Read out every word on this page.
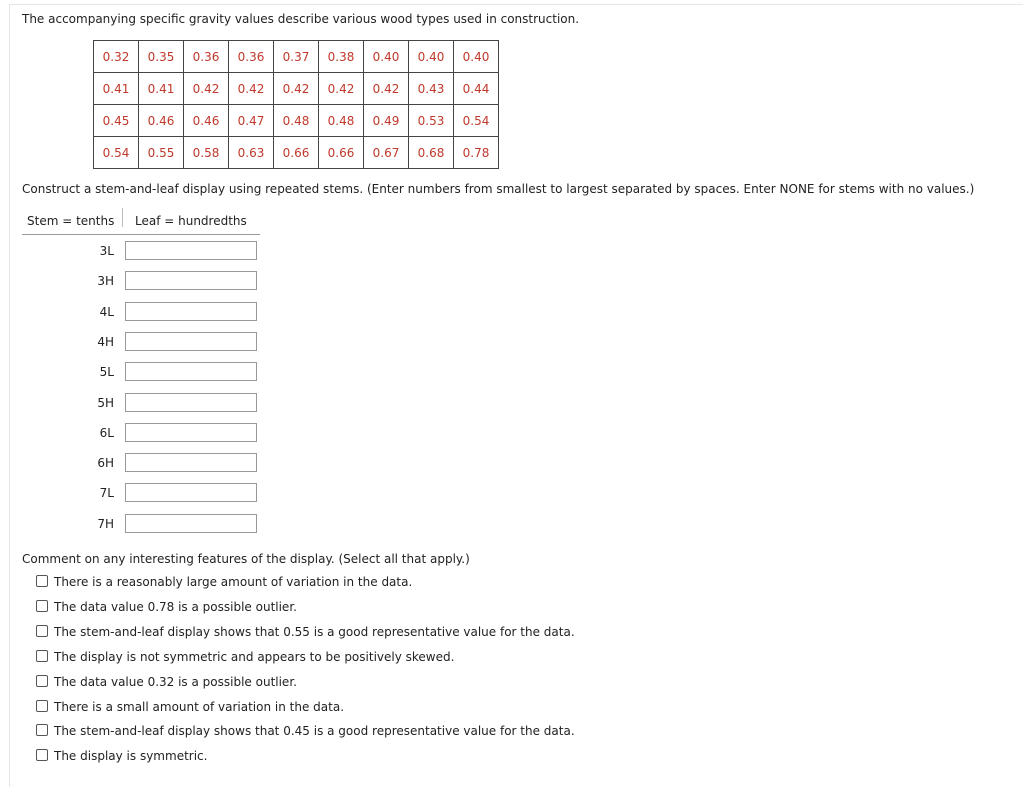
The accompanying specific gravity values describe various wood types used in construction.
0.32	0.35	0.36	0.36	0.37	0.38	0.40	0.40	0.40
0.41	0.41	0.42	0.42	0.42	0.42	0.42	0.43	0.44
0.45	0.46	0.46	0.47	0.48	0.48	0.49	0.53	0.54
0.54	0.55	0.58	0.63	0.66	0.66	0.67	0.68	0.78
Construct a stem-and-leaf display using repeated stems. (Enter numbers from smallest to largest separated by spaces. Enter NONE for stems with no values.)
Stem = tenths	Leaf = hundredths
3L
3H
4L
4H
5L
5H
6L
6H
7L
7H
Comment on any interesting features of the display. (Select all that apply.)
There is a reasonably large amount of variation in the data.
The data value 0.78 is a possible outlier.
The stem-and-leaf display shows that 0.55 is a good representative value for the data.
The display is not symmetric and appears to be positively skewed.
The data value 0.32 is a possible outlier.
There is a small amount of variation in the data.
The stem-and-leaf display shows that 0.45 is a good representative value for the data.
The display is symmetric.
